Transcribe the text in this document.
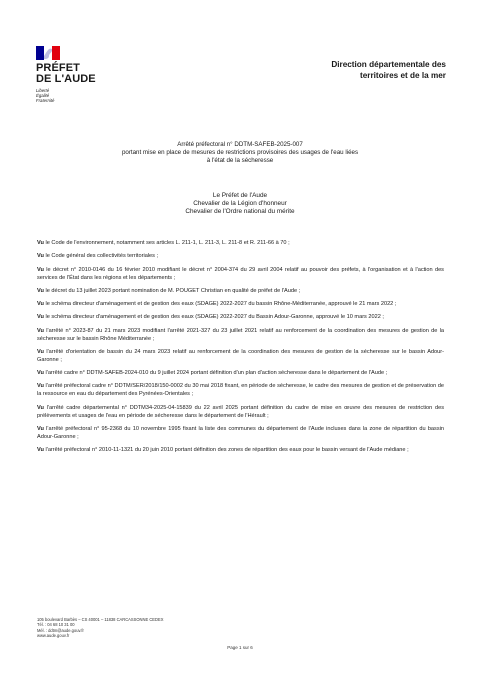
PRÉFET
DE L'AUDE
Liberté
Égalité
Fraternité
Direction départementale des
territoires et de la mer
Arrêté préfectoral n° DDTM-SAFEB-2025-007
portant mise en place de mesures de restrictions provisoires des usages de l'eau liées
à l'état de la sécheresse
Le Préfet de l'Aude
Chevalier de la Légion d'honneur
Chevalier de l'Ordre national du mérite
Vu le Code de l'environnement, notamment ses articles L. 211-1, L. 211-3, L. 211-8 et R. 211-66 à 70 ;
Vu le Code général des collectivités territoriales ;
Vu le décret n° 2010-0146 du 16 février 2010 modifiant le décret n° 2004-374 du 29 avril 2004 relatif au pouvoir des préfets, à l'organisation et à l'action des services de l'État dans les régions et les départements ;
Vu le décret du 13 juillet 2023 portant nomination de M. POUGET Christian en qualité de préfet de l'Aude ;
Vu le schéma directeur d'aménagement et de gestion des eaux (SDAGE) 2022-2027 du bassin Rhône-Méditerranée, approuvé le 21 mars 2022 ;
Vu le schéma directeur d'aménagement et de gestion des eaux (SDAGE) 2022-2027 du Bassin Adour-Garonne, approuvé le 10 mars 2022 ;
Vu l'arrêté n° 2023-87 du 21 mars 2023 modifiant l'arrêté 2021-327 du 23 juillet 2021 relatif au renforcement de la coordination des mesures de gestion de la sécheresse sur le bassin Rhône Méditerranée ;
Vu l'arrêté d'orientation de bassin du 24 mars 2023 relatif au renforcement de la coordination des mesures de gestion de la sécheresse sur le bassin Adour-Garonne ;
Vu l'arrêté cadre n° DDTM-SAFEB-2024-010 du 9 juillet 2024 portant définition d'un plan d'action sécheresse dans le département de l'Aude ;
Vu l'arrêté préfectoral cadre n° DDTM/SER/2018/150-0002 du 30 mai 2018 fixant, en période de sécheresse, le cadre des mesures de gestion et de préservation de la ressource en eau du département des Pyrénées-Orientales ;
Vu l'arrêté cadre départemental n° DDTM34-2025-04-15839 du 22 avril 2025 portant définition du cadre de mise en œuvre des mesures de restriction des prélèvements et usages de l'eau en période de sécheresse dans le département de l'Hérault ;
Vu l'arrêté préfectoral n° 95-2368 du 10 novembre 1995 fixant la liste des communes du département de l'Aude incluses dans la zone de répartition du bassin Adour-Garonne ;
Vu l'arrêté préfectoral n° 2010-11-1321 du 20 juin 2010 portant définition des zones de répartition des eaux pour le bassin versant de l'Aude médiane ;
105 boulevard Barbès – CS 40001 – 11838 CARCASSONNE CEDEX
Tél. : 04 68 10 31 00
Mél. : ddtm@aude.gouv.fr
www.aude.gouv.fr
Page 1 sur 6
